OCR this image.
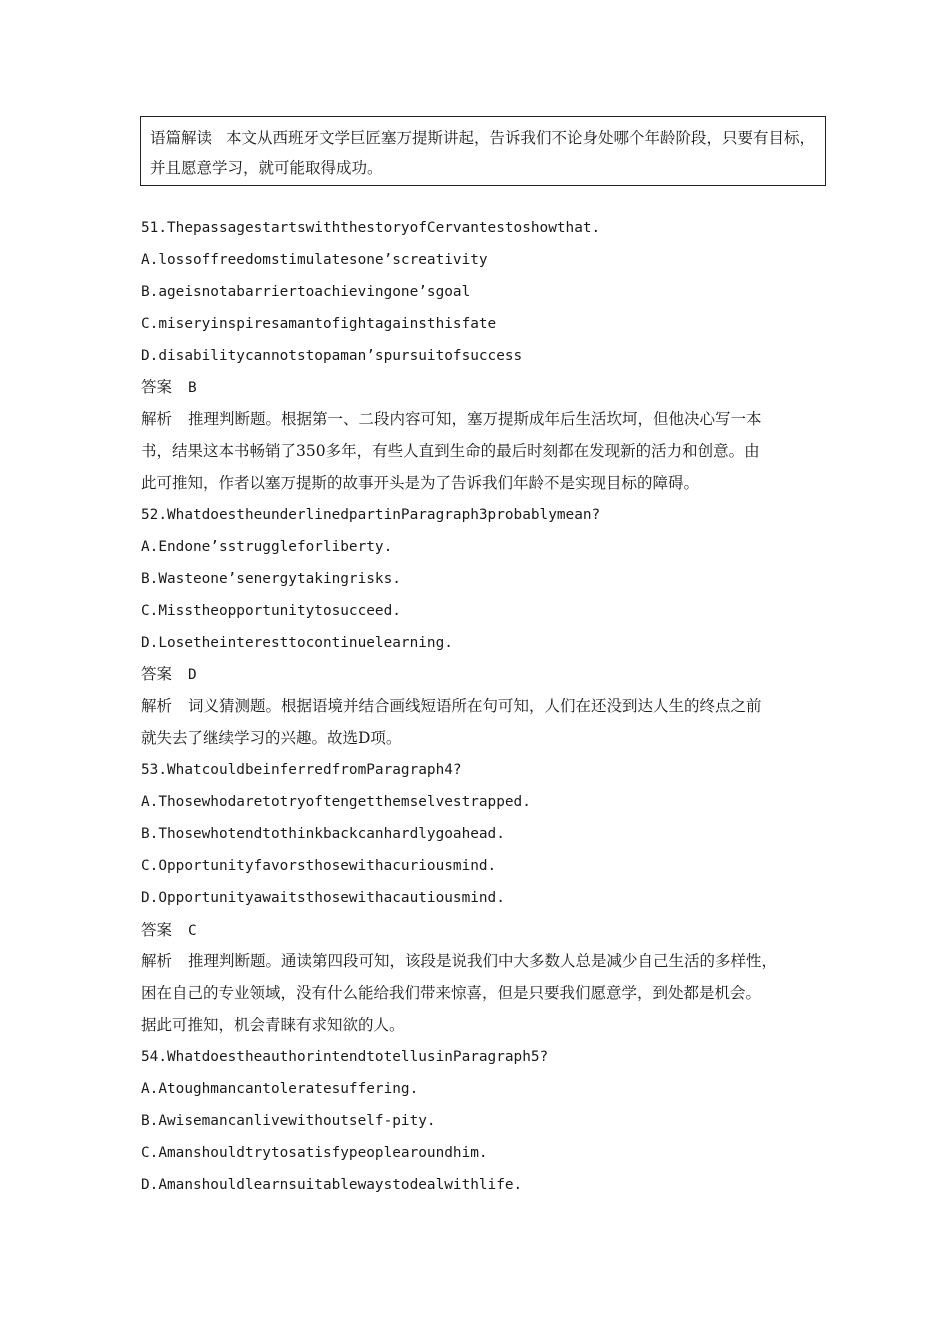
语篇解读 本文从西班牙文学巨匠塞万提斯讲起，告诉我们不论身处哪个年龄阶段，只要有目标，并且愿意学习，就可能取得成功。
51.ThepassagestartswiththestoryofCervantestoshowthat.
A.lossoffreedomstimulatesone’screativity
B.ageisnotabarriertoachievingone’sgoal
C.miseryinspiresamantofightagainsthisfate
D.disabilitycannotstopaman’spursuitofsuccess
答案 B
解析 推理判断题。根据第一、二段内容可知，塞万提斯成年后生活坎坷，但他决心写一本
书，结果这本书畅销了350多年，有些人直到生命的最后时刻都在发现新的活力和创意。由
此可推知，作者以塞万提斯的故事开头是为了告诉我们年龄不是实现目标的障碍。
52.WhatdoestheunderlinedpartinParagraph3probablymean?
A.Endone’sstruggleforliberty.
B.Wasteone’senergytakingrisks.
C.Misstheopportunitytosucceed.
D.Losetheinteresttocontinuelearning.
答案 D
解析 词义猜测题。根据语境并结合画线短语所在句可知，人们在还没到达人生的终点之前
就失去了继续学习的兴趣。故选D项。
53.WhatcouldbeinferredfromParagraph4?
A.Thosewhodaretotryoftengetthemselvestrapped.
B.Thosewhotendtothinkbackcanhardlygoahead.
C.Opportunityfavorsthosewithacuriousmind.
D.Opportunityawaitsthosewithacautiousmind.
答案 C
解析 推理判断题。通读第四段可知，该段是说我们中大多数人总是减少自己生活的多样性，
困在自己的专业领域，没有什么能给我们带来惊喜，但是只要我们愿意学，到处都是机会。
据此可推知，机会青睐有求知欲的人。
54.WhatdoestheauthorintendtotellusinParagraph5?
A.Atoughmancantoleratesuffering.
B.Awisemancanlivewithoutself-pity.
C.Amanshouldtrytosatisfypeoplearoundhim.
D.Amanshouldlearnsuitablewaystodealwithlife.
